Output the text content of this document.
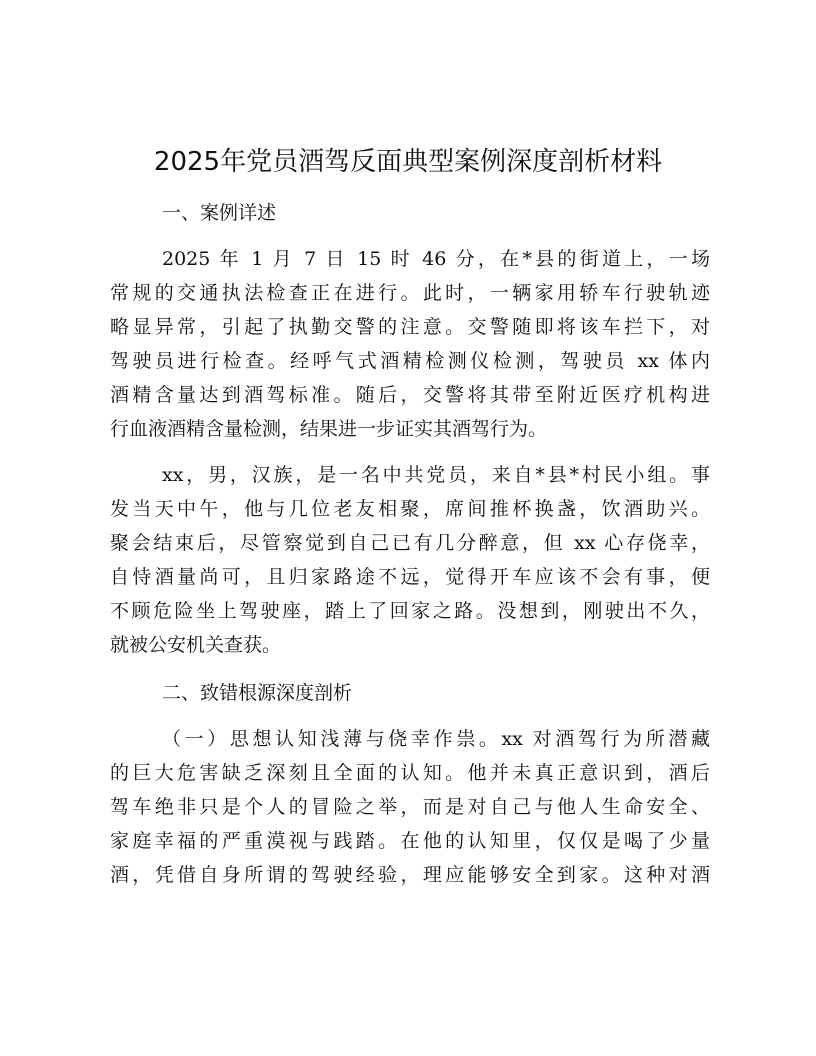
2025年党员酒驾反面典型案例深度剖析材料
一、案例详述
2025 年 1 月 7 日 15 时 46 分，在*县的街道上，一场
常规的交通执法检查正在进行。此时，一辆家用轿车行驶轨迹
略显异常，引起了执勤交警的注意。交警随即将该车拦下，对
驾驶员进行检查。经呼气式酒精检测仪检测，驾驶员 xx 体内
酒精含量达到酒驾标准。随后，交警将其带至附近医疗机构进
行血液酒精含量检测，结果进一步证实其酒驾行为。
xx，男，汉族，是一名中共党员，来自*县*村民小组。事
发当天中午，他与几位老友相聚，席间推杯换盏，饮酒助兴。
聚会结束后，尽管察觉到自己已有几分醉意，但 xx 心存侥幸，
自恃酒量尚可，且归家路途不远，觉得开车应该不会有事，便
不顾危险坐上驾驶座，踏上了回家之路。没想到，刚驶出不久，
就被公安机关查获。
二、致错根源深度剖析
（一）思想认知浅薄与侥幸作祟。xx 对酒驾行为所潜藏
的巨大危害缺乏深刻且全面的认知。他并未真正意识到，酒后
驾车绝非只是个人的冒险之举，而是对自己与他人生命安全、
家庭幸福的严重漠视与践踏。在他的认知里，仅仅是喝了少量
酒，凭借自身所谓的驾驶经验，理应能够安全到家。这种对酒
